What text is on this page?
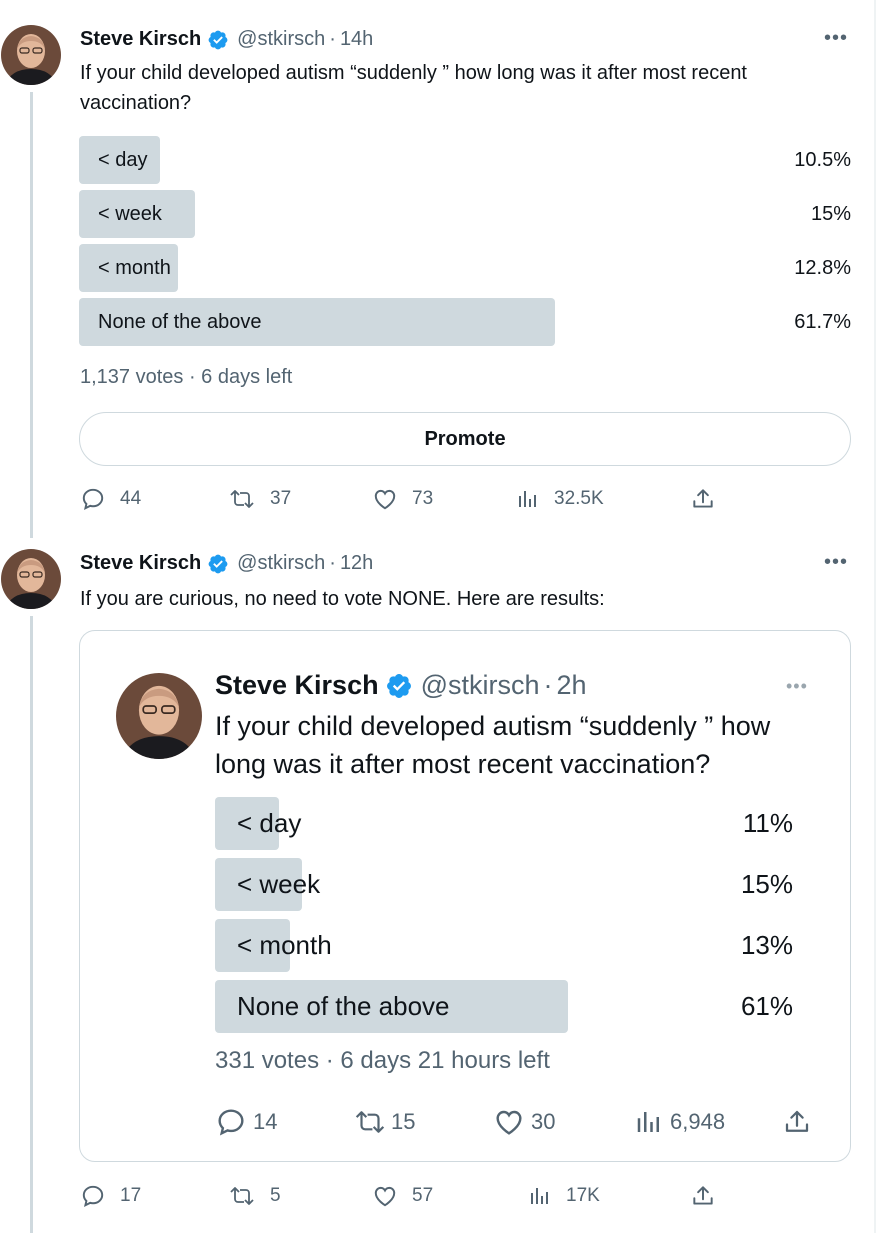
Steve Kirsch @stkirsch · 14h	•••
If your child developed autism “suddenly ” how long was it after most recent vaccination?
< day	10.5%
< week	15%
< month	12.8%
None of the above	61.7%
1,137 votes · 6 days left
Promote
44	37	73	32.5K
Steve Kirsch @stkirsch · 12h	•••
If you are curious, no need to vote NONE. Here are results:
Steve Kirsch @stkirsch · 2h	•••
If your child developed autism “suddenly ” how long was it after most recent vaccination?
< day	11%
< week	15%
< month	13%
None of the above	61%
331 votes · 6 days 21 hours left
14	15	30	6,948
17	5	57	17K
